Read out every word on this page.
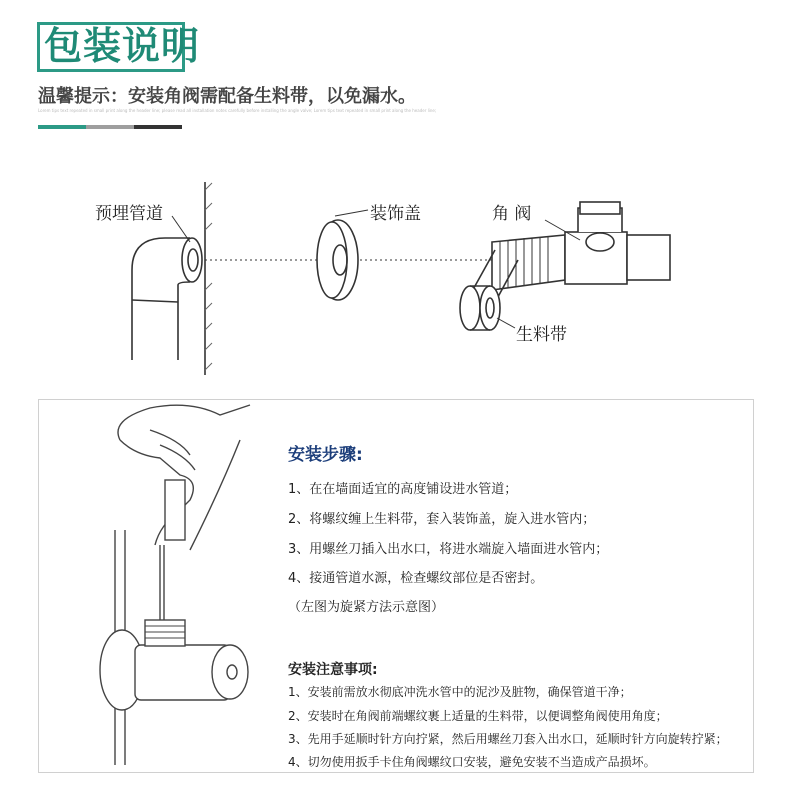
包装说明
温馨提示：安装角阀需配备生料带，以免漏水。
Lorem tips text repeated in small print along the header line; please read all installation notes carefully before installing the angle valve; Lorem tips text repeated in small print along the header line;
预埋管道	装饰盖	角 阀
生料带
安装步骤:
1、在在墙面适宜的高度铺设进水管道；
2、将螺纹缠上生料带，套入装饰盖，旋入进水管内；
3、用螺丝刀插入出水口，将进水端旋入墙面进水管内；
4、接通管道水源，检查螺纹部位是否密封。
（左图为旋紧方法示意图）
安装注意事项:
1、安装前需放水彻底冲洗水管中的泥沙及脏物，确保管道干净；
2、安装时在角阀前端螺纹裹上适量的生料带，以便调整角阀使用角度；
3、先用手延顺时针方向拧紧，然后用螺丝刀套入出水口，延顺时针方向旋转拧紧；
4、切勿使用扳手卡住角阀螺纹口安装，避免安装不当造成产品损坏。
